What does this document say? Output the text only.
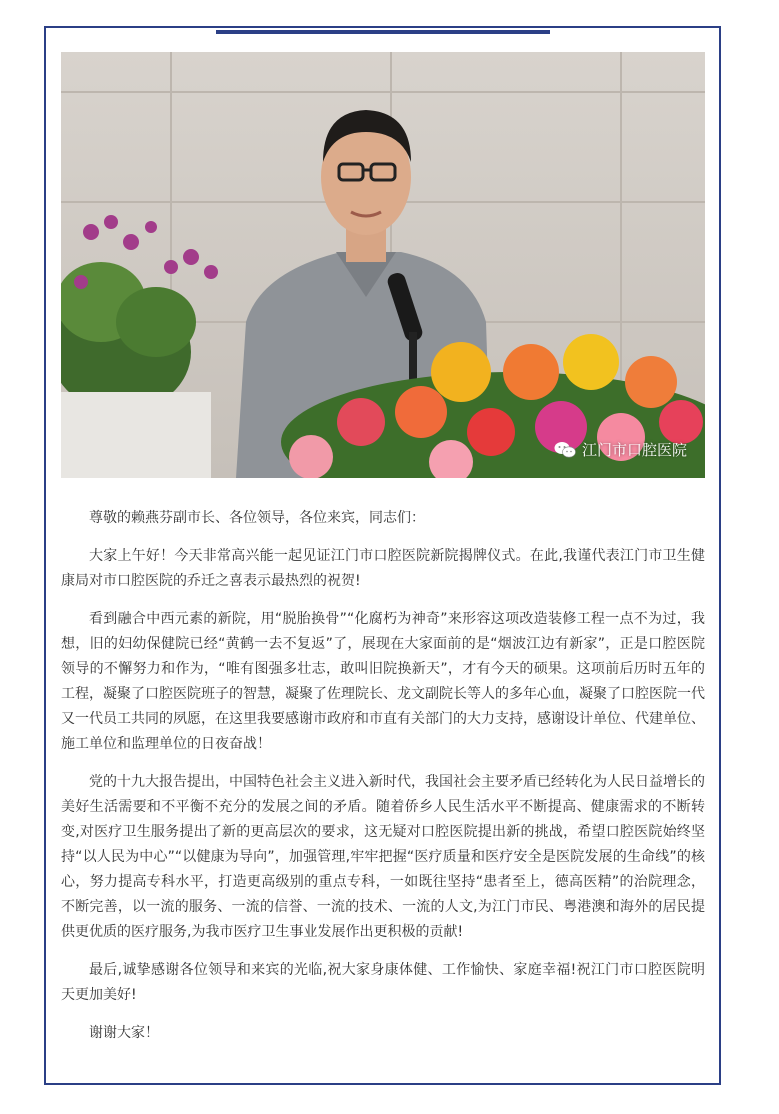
江门市口腔医院

尊敬的赖燕芬副市长、各位领导，各位来宾，同志们：

大家上午好！今天非常高兴能一起见证江门市口腔医院新院揭牌仪式。在此,我谨代表江门市卫生健康局对市口腔医院的乔迁之喜表示最热烈的祝贺!

看到融合中西元素的新院，用“脱胎换骨”“化腐朽为神奇”来形容这项改造装修工程一点不为过，我想，旧的妇幼保健院已经“黄鹤一去不复返”了，展现在大家面前的是“烟波江边有新家”，正是口腔医院领导的不懈努力和作为，“唯有图强多壮志，敢叫旧院换新天”，才有今天的硕果。这项前后历时五年的工程，凝聚了口腔医院班子的智慧，凝聚了佐理院长、龙文副院长等人的多年心血，凝聚了口腔医院一代又一代员工共同的夙愿，在这里我要感谢市政府和市直有关部门的大力支持，感谢设计单位、代建单位、施工单位和监理单位的日夜奋战！

党的十九大报告提出，中国特色社会主义进入新时代，我国社会主要矛盾已经转化为人民日益增长的美好生活需要和不平衡不充分的发展之间的矛盾。随着侨乡人民生活水平不断提高、健康需求的不断转变,对医疗卫生服务提出了新的更高层次的要求，这无疑对口腔医院提出新的挑战，希望口腔医院始终坚持“以人民为中心”“以健康为导向”，加强管理,牢牢把握“医疗质量和医疗安全是医院发展的生命线”的核心，努力提高专科水平，打造更高级别的重点专科，一如既往坚持“患者至上，德高医精”的治院理念，不断完善，以一流的服务、一流的信誉、一流的技术、一流的人文,为江门市民、粤港澳和海外的居民提供更优质的医疗服务,为我市医疗卫生事业发展作出更积极的贡献!

最后,诚挚感谢各位领导和来宾的光临,祝大家身康体健、工作愉快、家庭幸福!祝江门市口腔医院明天更加美好!

谢谢大家！
